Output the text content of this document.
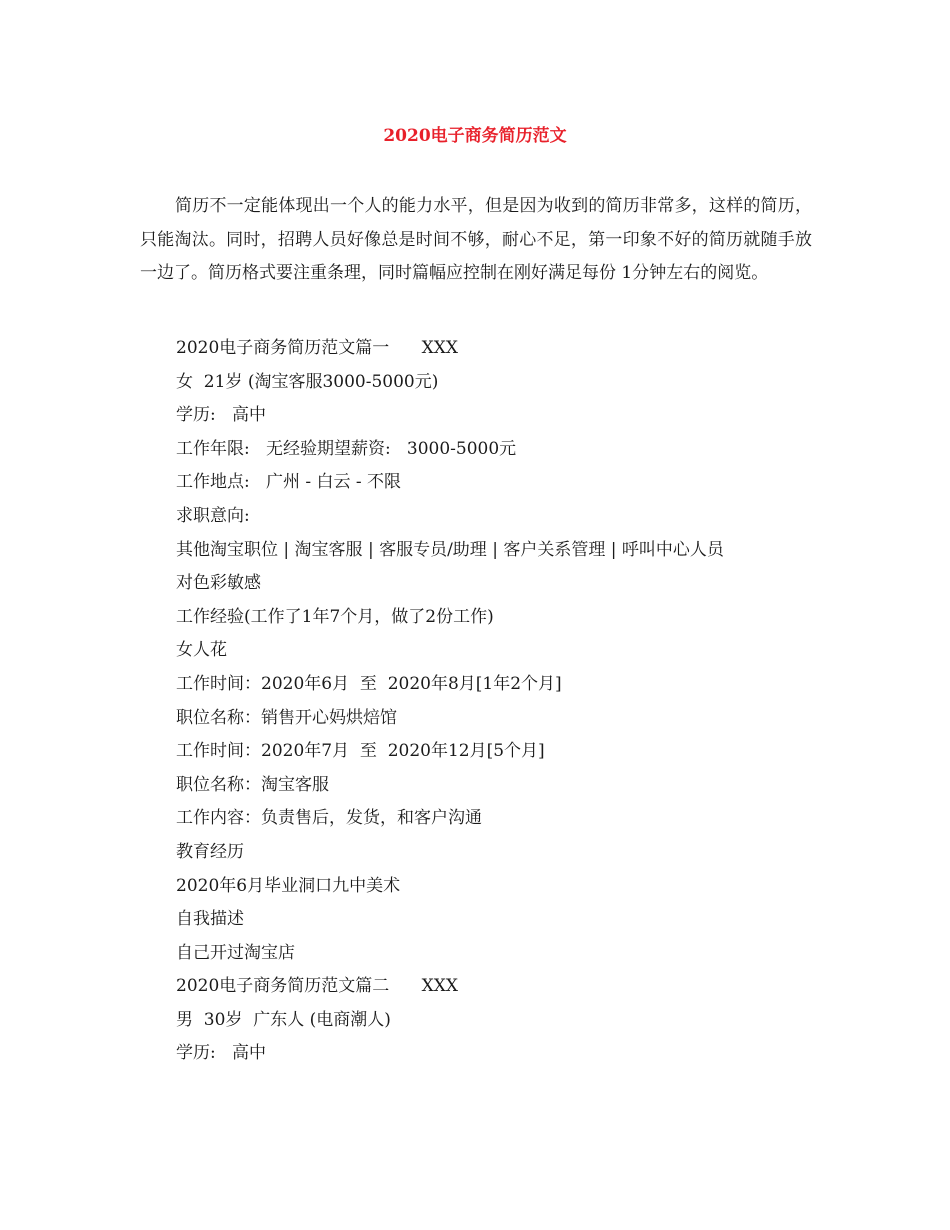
2020电子商务简历范文

简历不一定能体现出一个人的能力水平，但是因为收到的简历非常多，这样的简历，只能淘汰。同时，招聘人员好像总是时间不够，耐心不足，第一印象不好的简历就随手放一边了。简历格式要注重条理，同时篇幅应控制在刚好满足每份 1分钟左右的阅览。

2020电子商务简历范文篇一      XXX

女  21岁 (淘宝客服3000-5000元)

学历:   高中

工作年限:   无经验期望薪资:   3000-5000元

工作地点:   广州 - 白云 - 不限

求职意向:

其他淘宝职位 | 淘宝客服 | 客服专员/助理 | 客户关系管理 | 呼叫中心人员

对色彩敏感

工作经验(工作了1年7个月，做了2份工作)

女人花

工作时间：2020年6月  至  2020年8月[1年2个月]

职位名称：销售开心妈烘焙馆

工作时间：2020年7月  至  2020年12月[5个月]

职位名称：淘宝客服

工作内容：负责售后，发货，和客户沟通

教育经历

2020年6月毕业洞口九中美术

自我描述

自己开过淘宝店

2020电子商务简历范文篇二      XXX

男  30岁  广东人 (电商潮人)

学历:   高中
